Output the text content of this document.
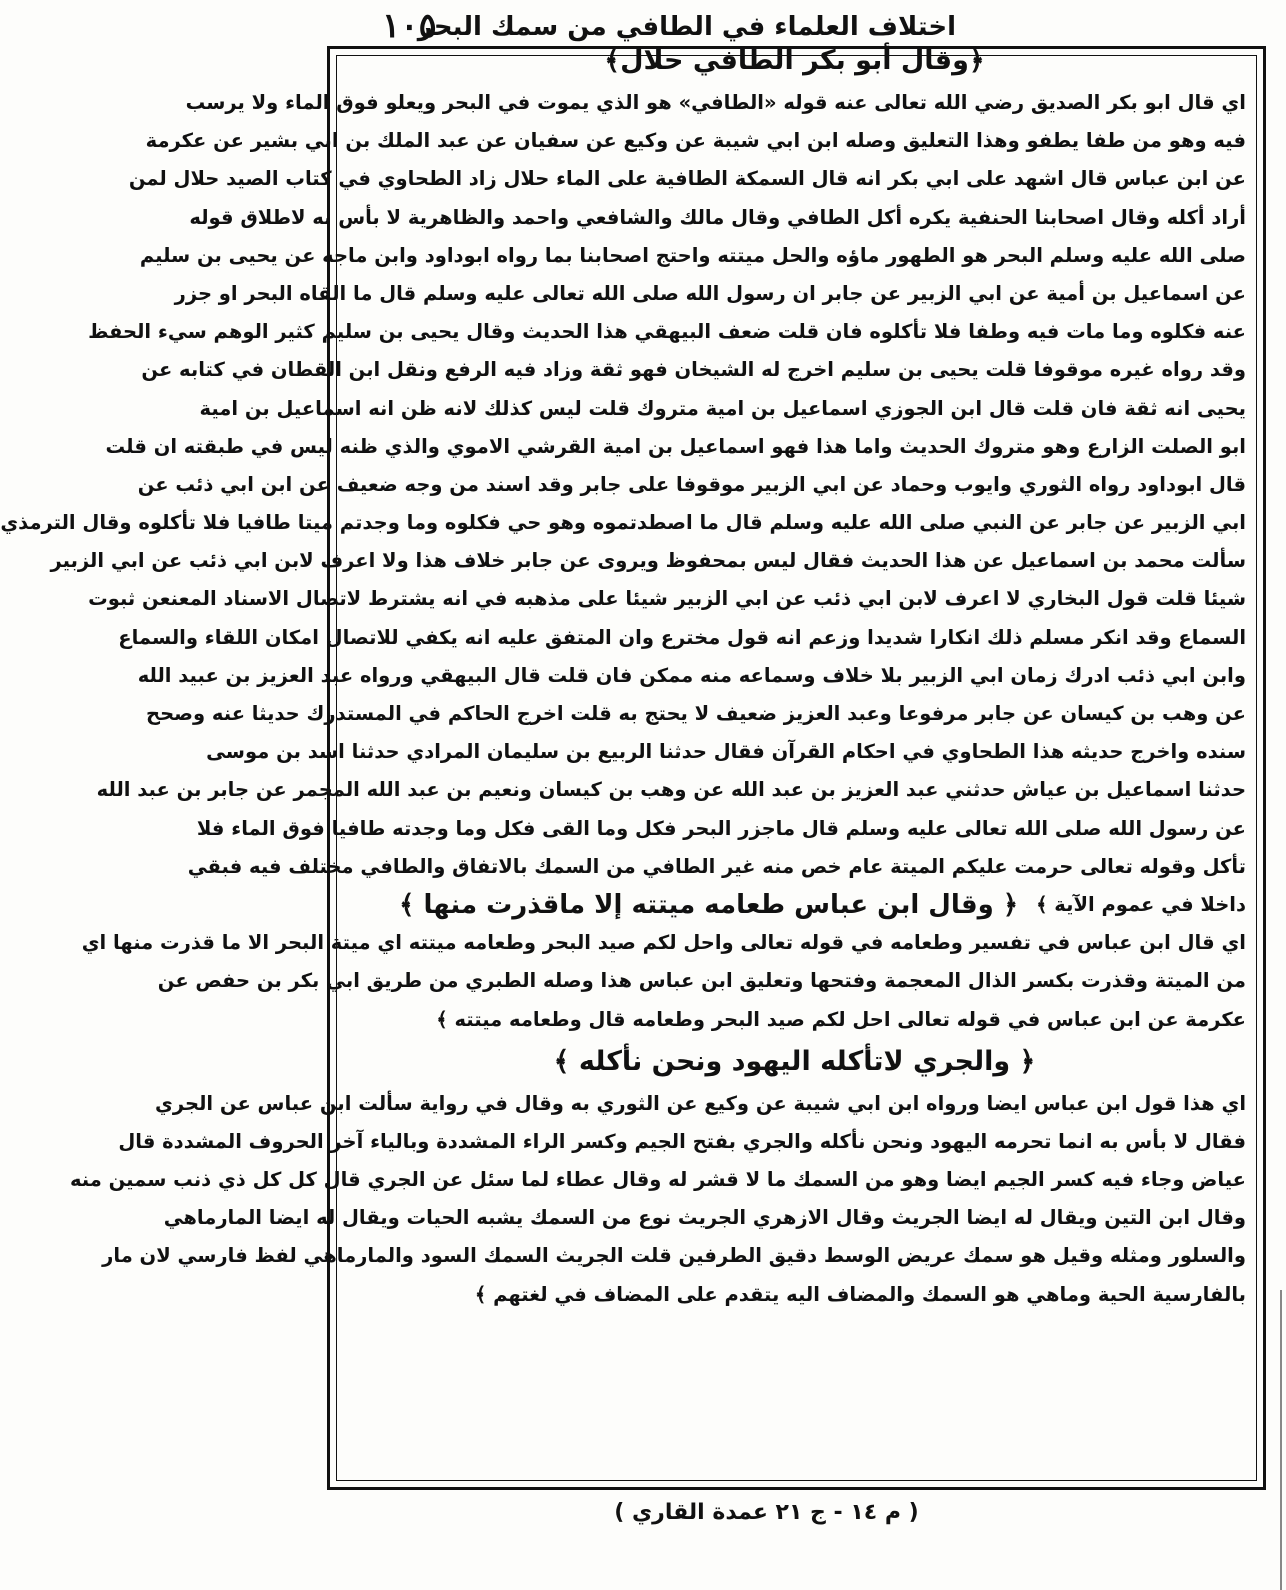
١٠٥
اختلاف العلماء في الطافي من سمك البحر
﴿وقال أبو بكر الطافي حلال﴾
اي قال ابو بكر الصديق رضي الله تعالى عنه قوله «الطافي» هو الذي يموت في البحر ويعلو فوق الماء ولا يرسب
فيه وهو من طفا يطفو وهذا التعليق وصله ابن ابي شيبة عن وكيع عن سفيان عن عبد الملك بن ابي بشير عن عكرمة
عن ابن عباس قال اشهد على ابي بكر انه قال السمكة الطافية على الماء حلال زاد الطحاوي في كتاب الصيد حلال لمن
أراد أكله وقال اصحابنا الحنفية يكره أكل الطافي وقال مالك والشافعي واحمد والظاهرية لا بأس به لاطلاق قوله
صلى الله عليه وسلم البحر هو الطهور ماؤه والحل ميتته واحتج اصحابنا بما رواه ابوداود وابن ماجه عن يحيى بن سليم
عن اسماعيل بن أمية عن ابي الزبير عن جابر ان رسول الله صلى الله تعالى عليه وسلم قال ما القاه البحر او جزر
عنه فكلوه وما مات فيه وطفا فلا تأكلوه فان قلت ضعف البيهقي هذا الحديث وقال يحيى بن سليم كثير الوهم سيء الحفظ
وقد رواه غيره موقوفا قلت يحيى بن سليم اخرج له الشيخان فهو ثقة وزاد فيه الرفع ونقل ابن القطان في كتابه عن
يحيى انه ثقة فان قلت قال ابن الجوزي اسماعيل بن امية متروك قلت ليس كذلك لانه ظن انه اسماعيل بن امية
ابو الصلت الزارع وهو متروك الحديث واما هذا فهو اسماعيل بن امية القرشي الاموي والذي ظنه ليس في طبقته ان قلت
قال ابوداود رواه الثوري وايوب وحماد عن ابي الزبير موقوفا على جابر وقد اسند من وجه ضعيف عن ابن ابي ذئب عن
ابي الزبير عن جابر عن النبي صلى الله عليه وسلم قال ما اصطدتموه وهو حي فكلوه وما وجدتم ميتا طافيا فلا تأكلوه وقال الترمذي
سألت محمد بن اسماعيل عن هذا الحديث فقال ليس بمحفوظ ويروى عن جابر خلاف هذا ولا اعرف لابن ابي ذئب عن ابي الزبير
شيئا قلت قول البخاري لا اعرف لابن ابي ذئب عن ابي الزبير شيئا على مذهبه في انه يشترط لاتصال الاسناد المعنعن ثبوت
السماع وقد انكر مسلم ذلك انكارا شديدا وزعم انه قول مخترع وان المتفق عليه انه يكفي للاتصال امكان اللقاء والسماع
وابن ابي ذئب ادرك زمان ابي الزبير بلا خلاف وسماعه منه ممكن فان قلت قال البيهقي ورواه عبد العزيز بن عبيد الله
عن وهب بن كيسان عن جابر مرفوعا وعبد العزيز ضعيف لا يحتج به قلت اخرج الحاكم في المستدرك حديثا عنه وصحح
سنده واخرج حديثه هذا الطحاوي في احكام القرآن فقال حدثنا الربيع بن سليمان المرادي حدثنا اسد بن موسى
حدثنا اسماعيل بن عياش حدثني عبد العزيز بن عبد الله عن وهب بن كيسان ونعيم بن عبد الله المجمر عن جابر بن عبد الله
عن رسول الله صلى الله تعالى عليه وسلم قال ماجزر البحر فكل وما القى فكل وما وجدته طافيا فوق الماء فلا
تأكل وقوله تعالى حرمت عليكم الميتة عام خص منه غير الطافي من السمك بالاتفاق والطافي مختلف فيه فبقي
داخلا في عموم الآية ﴾
﴿ وقال ابن عباس طعامه ميتته إلا ماقذرت منها ﴾
اي قال ابن عباس في تفسير وطعامه في قوله تعالى واحل لكم صيد البحر وطعامه ميتته اي ميتة البحر الا ما قذرت منها اي
من الميتة وقذرت بكسر الذال المعجمة وفتحها وتعليق ابن عباس هذا وصله الطبري من طريق ابي بكر بن حفص عن
عكرمة عن ابن عباس في قوله تعالى احل لكم صيد البحر وطعامه قال وطعامه ميتته ﴾
﴿ والجري لاتأكله اليهود ونحن نأكله ﴾
اي هذا قول ابن عباس ايضا ورواه ابن ابي شيبة عن وكيع عن الثوري به وقال في رواية سألت ابن عباس عن الجري
فقال لا بأس به انما تحرمه اليهود ونحن نأكله والجري بفتح الجيم وكسر الراء المشددة وبالياء آخر الحروف المشددة قال
عياض وجاء فيه كسر الجيم ايضا وهو من السمك ما لا قشر له وقال عطاء لما سئل عن الجري قال كل كل ذي ذنب سمين منه
وقال ابن التين ويقال له ايضا الجريث وقال الازهري الجريث نوع من السمك يشبه الحيات ويقال له ايضا المارماهي
والسلور ومثله وقيل هو سمك عريض الوسط دقيق الطرفين قلت الجريث السمك السود والمارماهي لفظ فارسي لان مار
بالفارسية الحية وماهي هو السمك والمضاف اليه يتقدم على المضاف في لغتهم ﴾
( م ١٤ - ج ٢١ عمدة القاري )
